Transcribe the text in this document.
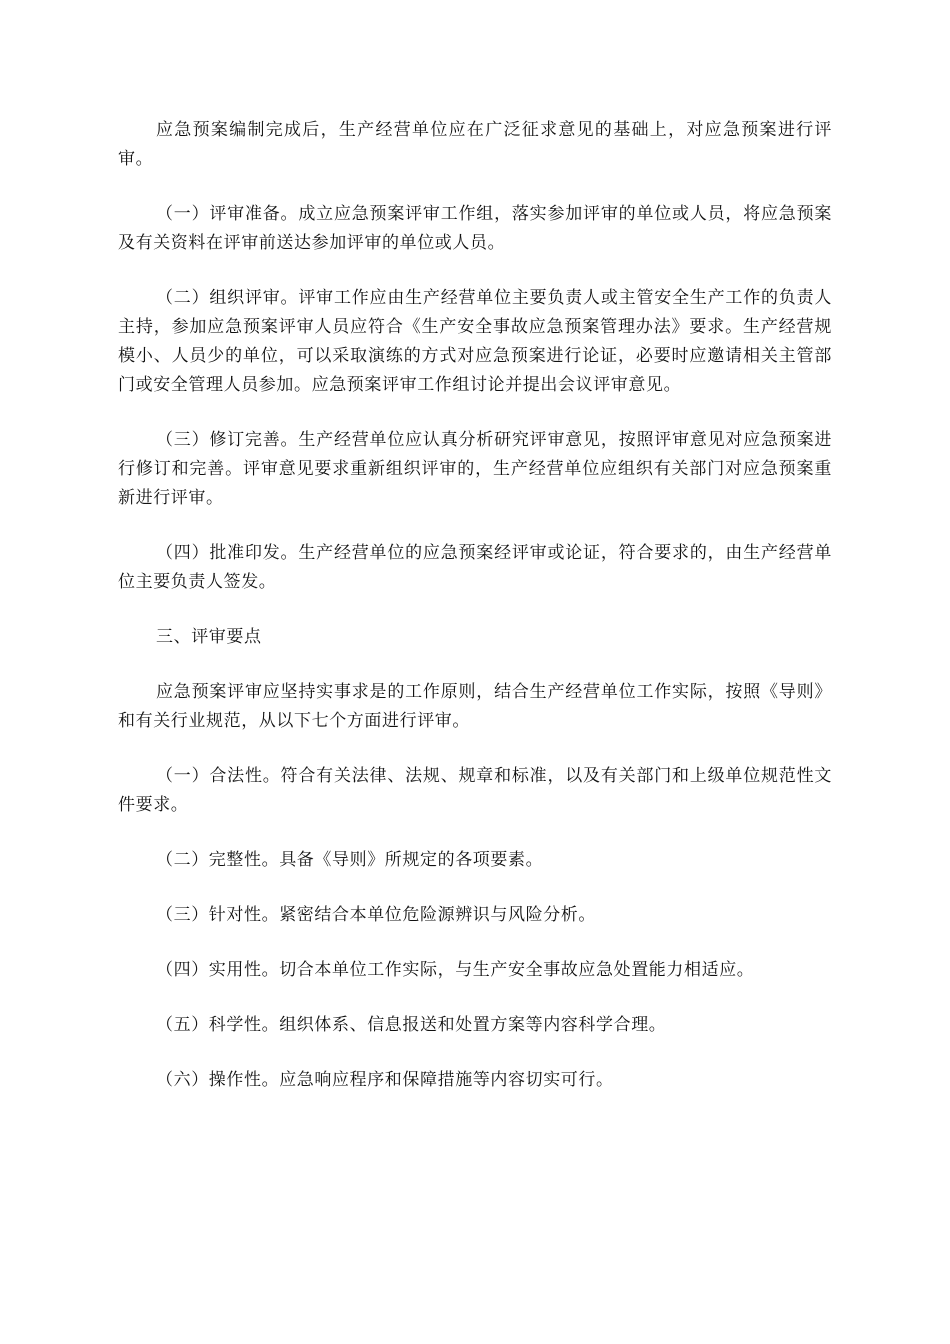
应急预案编制完成后，生产经营单位应在广泛征求意见的基础上，对应急预案进行评审。

（一）评审准备。成立应急预案评审工作组，落实参加评审的单位或人员，将应急预案及有关资料在评审前送达参加评审的单位或人员。

（二）组织评审。评审工作应由生产经营单位主要负责人或主管安全生产工作的负责人主持，参加应急预案评审人员应符合《生产安全事故应急预案管理办法》要求。生产经营规模小、人员少的单位，可以采取演练的方式对应急预案进行论证，必要时应邀请相关主管部门或安全管理人员参加。应急预案评审工作组讨论并提出会议评审意见。

（三）修订完善。生产经营单位应认真分析研究评审意见，按照评审意见对应急预案进行修订和完善。评审意见要求重新组织评审的，生产经营单位应组织有关部门对应急预案重新进行评审。

（四）批准印发。生产经营单位的应急预案经评审或论证，符合要求的，由生产经营单位主要负责人签发。

三、评审要点

应急预案评审应坚持实事求是的工作原则，结合生产经营单位工作实际，按照《导则》和有关行业规范，从以下七个方面进行评审。

（一）合法性。符合有关法律、法规、规章和标准，以及有关部门和上级单位规范性文件要求。

（二）完整性。具备《导则》所规定的各项要素。

（三）针对性。紧密结合本单位危险源辨识与风险分析。

（四）实用性。切合本单位工作实际，与生产安全事故应急处置能力相适应。

（五）科学性。组织体系、信息报送和处置方案等内容科学合理。

（六）操作性。应急响应程序和保障措施等内容切实可行。
